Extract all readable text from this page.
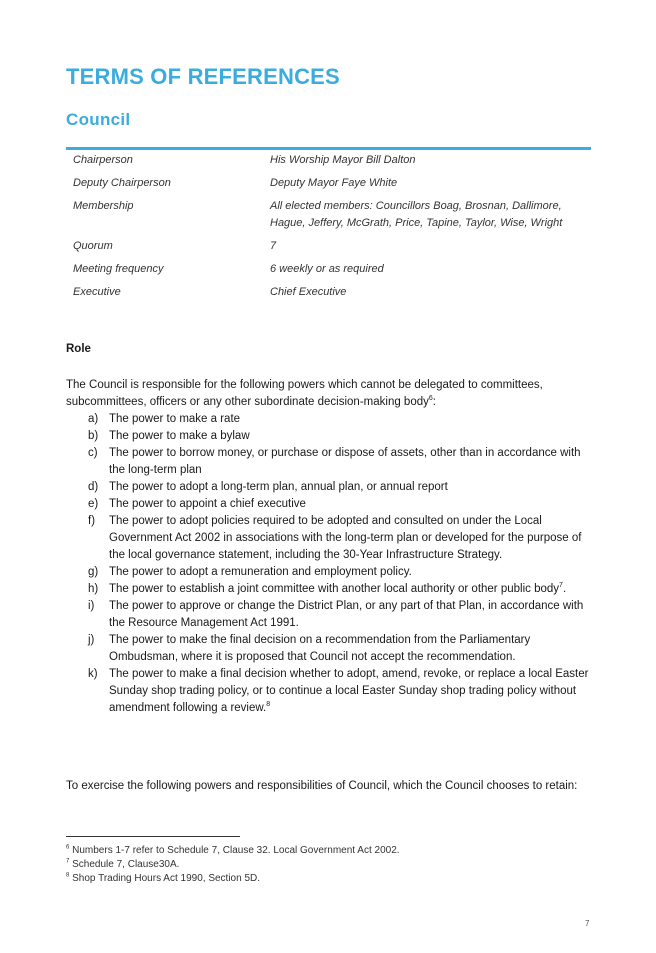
TERMS OF REFERENCES
Council
Chairperson	His Worship Mayor Bill Dalton
Deputy Chairperson	Deputy Mayor Faye White
Membership	All elected members: Councillors Boag, Brosnan, Dallimore, Hague, Jeffery, McGrath, Price, Tapine, Taylor, Wise, Wright
Quorum	7
Meeting frequency	6 weekly or as required
Executive	Chief Executive
Role

The Council is responsible for the following powers which cannot be delegated to committees, subcommittees, officers or any other subordinate decision-making body$^6$:

a) The power to make a rate
b) The power to make a bylaw
c) The power to borrow money, or purchase or dispose of assets, other than in accordance with the long-term plan
d) The power to adopt a long-term plan, annual plan, or annual report
e) The power to appoint a chief executive
f) The power to adopt policies required to be adopted and consulted on under the Local Government Act 2002 in associations with the long-term plan or developed for the purpose of the local governance statement, including the 30-Year Infrastructure Strategy.
g) The power to adopt a remuneration and employment policy.
h) The power to establish a joint committee with another local authority or other public body$^7$.
i) The power to approve or change the District Plan, or any part of that Plan, in accordance with the Resource Management Act 1991.
j) The power to make the final decision on a recommendation from the Parliamentary Ombudsman, where it is proposed that Council not accept the recommendation.
k) The power to make a final decision whether to adopt, amend, revoke, or replace a local Easter Sunday shop trading policy, or to continue a local Easter Sunday shop trading policy without amendment following a review.$^8$

To exercise the following powers and responsibilities of Council, which the Council chooses to retain:

$^6$ Numbers 1-7 refer to Schedule 7, Clause 32. Local Government Act 2002.
$^7$ Schedule 7, Clause30A.
$^8$ Shop Trading Hours Act 1990, Section 5D.
7
